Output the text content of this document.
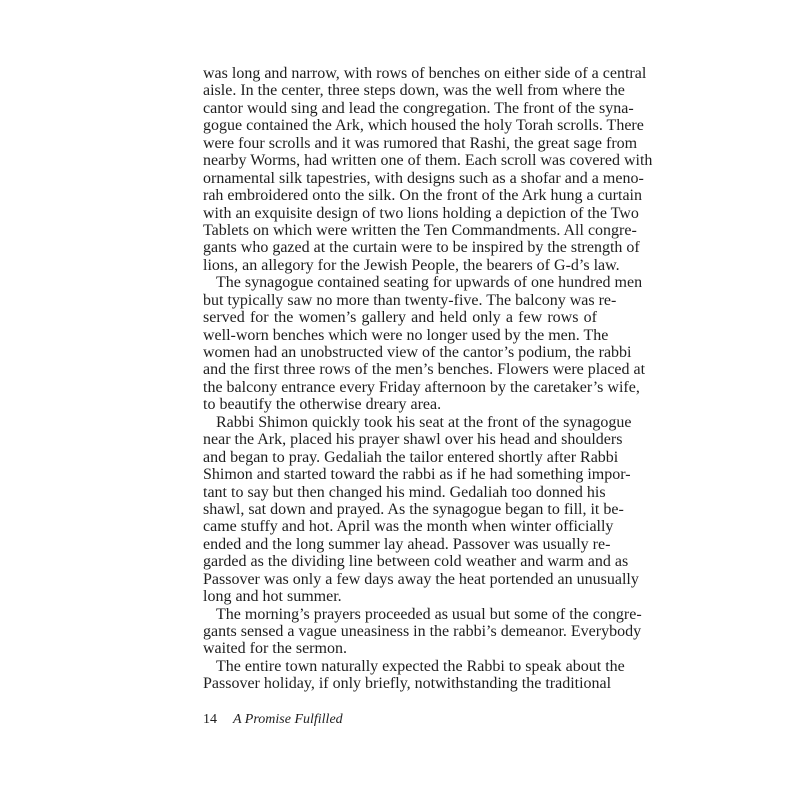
was long and narrow, with rows of benches on either side of a central
aisle. In the center, three steps down, was the well from where the
cantor would sing and lead the congregation. The front of the syna-
gogue contained the Ark, which housed the holy Torah scrolls. There
were four scrolls and it was rumored that Rashi, the great sage from
nearby Worms, had written one of them. Each scroll was covered with
ornamental silk tapestries, with designs such as a shofar and a meno-
rah embroidered onto the silk. On the front of the Ark hung a curtain
with an exquisite design of two lions holding a depiction of the Two
Tablets on which were written the Ten Commandments. All congre-
gants who gazed at the curtain were to be inspired by the strength of
lions, an allegory for the Jewish People, the bearers of G-d’s law.
The synagogue contained seating for upwards of one hundred men
but typically saw no more than twenty-five. The balcony was re-
served for the women’s gallery and held only a few rows of
well-worn benches which were no longer used by the men. The
women had an unobstructed view of the cantor’s podium, the rabbi
and the first three rows of the men’s benches. Flowers were placed at
the balcony entrance every Friday afternoon by the caretaker’s wife,
to beautify the otherwise dreary area.
Rabbi Shimon quickly took his seat at the front of the synagogue
near the Ark, placed his prayer shawl over his head and shoulders
and began to pray. Gedaliah the tailor entered shortly after Rabbi
Shimon and started toward the rabbi as if he had something impor-
tant to say but then changed his mind. Gedaliah too donned his
shawl, sat down and prayed. As the synagogue began to fill, it be-
came stuffy and hot. April was the month when winter officially
ended and the long summer lay ahead. Passover was usually re-
garded as the dividing line between cold weather and warm and as
Passover was only a few days away the heat portended an unusually
long and hot summer.
The morning’s prayers proceeded as usual but some of the congre-
gants sensed a vague uneasiness in the rabbi’s demeanor. Everybody
waited for the sermon.
The entire town naturally expected the Rabbi to speak about the
Passover holiday, if only briefly, notwithstanding the traditional
14 A Promise Fulfilled
